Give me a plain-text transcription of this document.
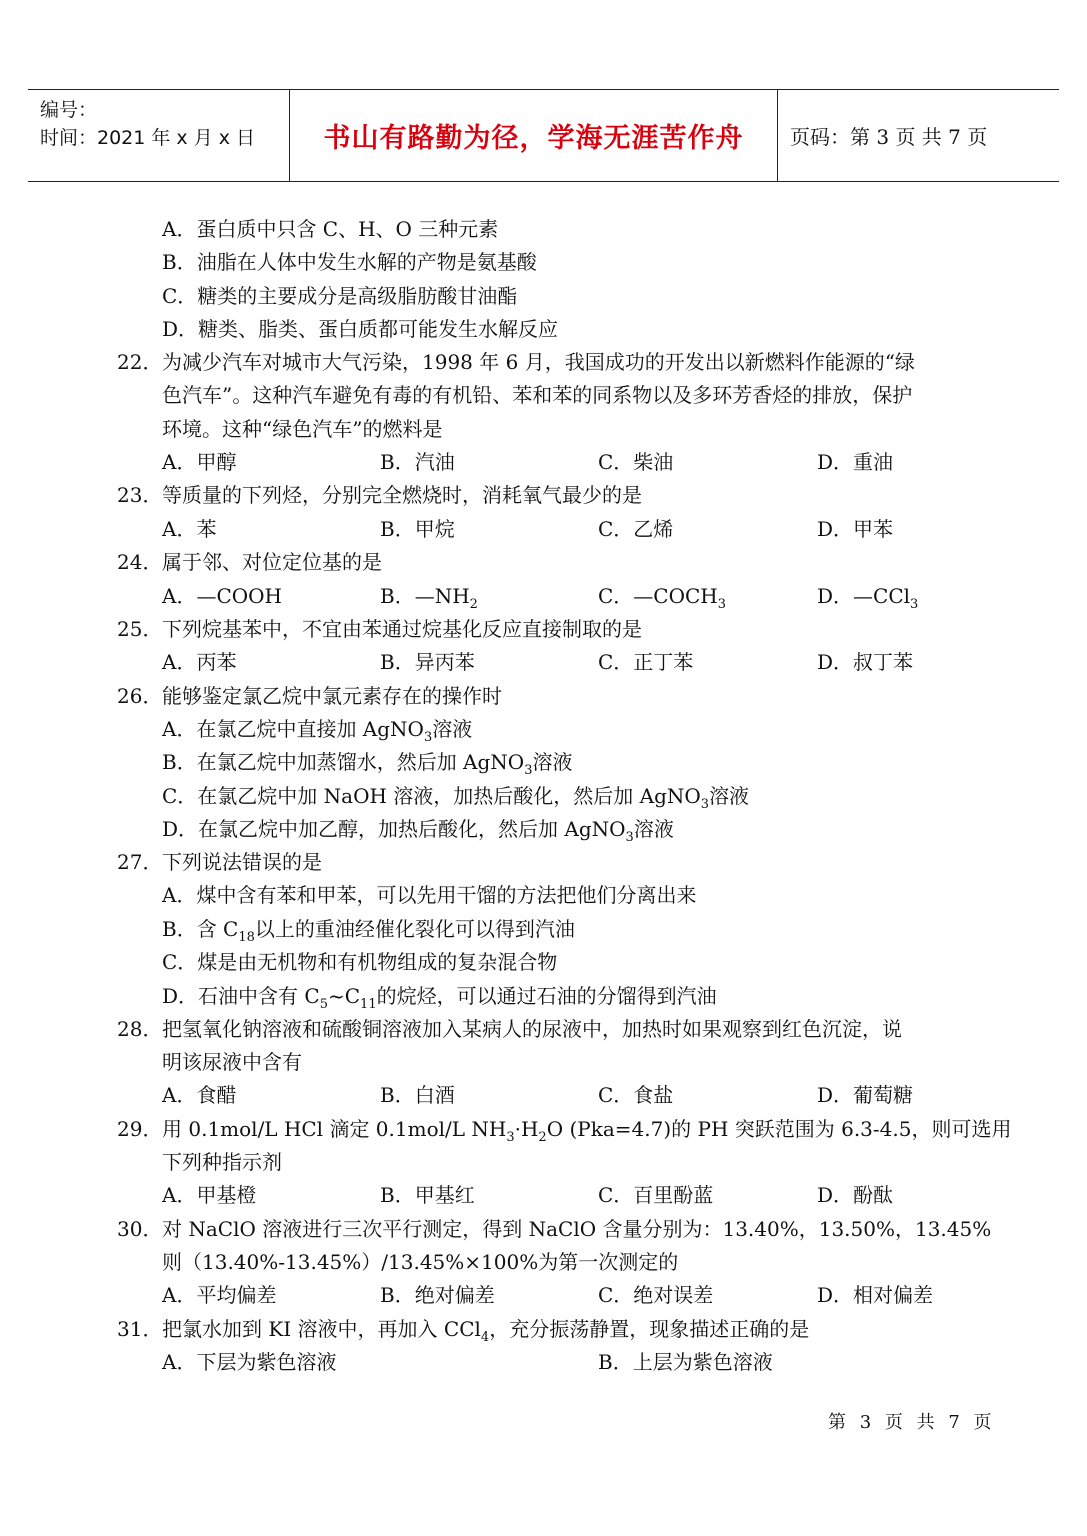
编号：
时间：2021 年 x 月 x 日	书山有路勤为径，学海无涯苦作舟	页码：第 3 页 共 7 页
A．蛋白质中只含 C、H、O 三种元素
B．油脂在人体中发生水解的产物是氨基酸
C．糖类的主要成分是高级脂肪酸甘油酯
D．糖类、脂类、蛋白质都可能发生水解反应
22． 为减少汽车对城市大气污染，1998 年 6 月，我国成功的开发出以新燃料作能源的“绿
色汽车”。这种汽车避免有毒的有机铅、苯和苯的同系物以及多环芳香烃的排放，保护
环境。这种“绿色汽车”的燃料是
A．甲醇	B．汽油	C．柴油	D．重油
23． 等质量的下列烃，分别完全燃烧时，消耗氧气最少的是
A．苯	B．甲烷	C．乙烯	D．甲苯
24． 属于邻、对位定位基的是
A．—COOH	B．$—NH_2$	C．$—COCH_3$	D．—CCl$_3$
25． 下列烷基苯中，不宜由苯通过烷基化反应直接制取的是
A．丙苯	B．异丙苯	C．正丁苯	D．叔丁苯
26． 能够鉴定氯乙烷中氯元素存在的操作时
A．在氯乙烷中直接加 AgNO$_3$溶液
B．在氯乙烷中加蒸馏水，然后加 AgNO$_3$溶液
C．在氯乙烷中加 NaOH 溶液，加热后酸化，然后加 AgNO$_3$溶液
D．在氯乙烷中加乙醇，加热后酸化，然后加 AgNO$_3$溶液
27． 下列说法错误的是
A．煤中含有苯和甲苯，可以先用干馏的方法把他们分离出来
B．含 $C_{18}$以上的重油经催化裂化可以得到汽油
C．煤是由无机物和有机物组成的复杂混合物
D．石油中含有 $C_5\sim C_{11}$的烷烃，可以通过石油的分馏得到汽油
28． 把氢氧化钠溶液和硫酸铜溶液加入某病人的尿液中，加热时如果观察到红色沉淀，说
明该尿液中含有
A．食醋	B．白酒	C．食盐	D．葡萄糖
29． 用 0.1mol/L HCl 滴定 0.1mol/L $NH_3\cdot H_2O$ (Pka=4.7)的 PH 突跃范围为 6.3-4.5，则可选用
下列种指示剂
A．甲基橙	B．甲基红	C．百里酚蓝	D．酚酞
30． 对 NaClO 溶液进行三次平行测定，得到 NaClO 含量分别为：13.40%，13.50%，13.45%
则（13.40%-13.45%）/13.45%×100%为第一次测定的
A．平均偏差	B．绝对偏差	C．绝对误差	D．相对偏差
31． 把氯水加到 KI 溶液中，再加入 CCl$_4$，充分振荡静置，现象描述正确的是
A．下层为紫色溶液	B．上层为紫色溶液
第 3 页 共 7 页
